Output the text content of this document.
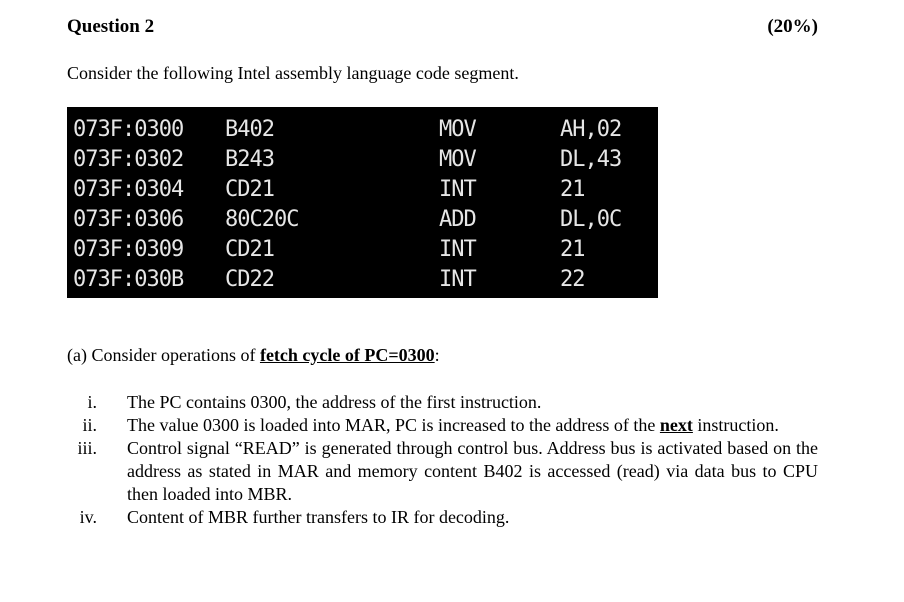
Question 2	(20%)
Consider the following Intel assembly language code segment.
073F:0300 B402	MOV	AH,02
073F:0302 B243	MOV	DL,43
073F:0304 CD21	INT	21
073F:0306 80C20C	ADD	DL,0C
073F:0309 CD21	INT	21
073F:030B CD22	INT	22
(a) Consider operations of fetch cycle of PC=0300:
i. The PC contains 0300, the address of the first instruction.
ii. The value 0300 is loaded into MAR, PC is increased to the address of the next instruction.
iii. Control signal “READ” is generated through control bus. Address bus is activated based on the address as stated in MAR and memory content B402 is accessed (read) via data bus to CPU then loaded into MBR.
iv. Content of MBR further transfers to IR for decoding.
